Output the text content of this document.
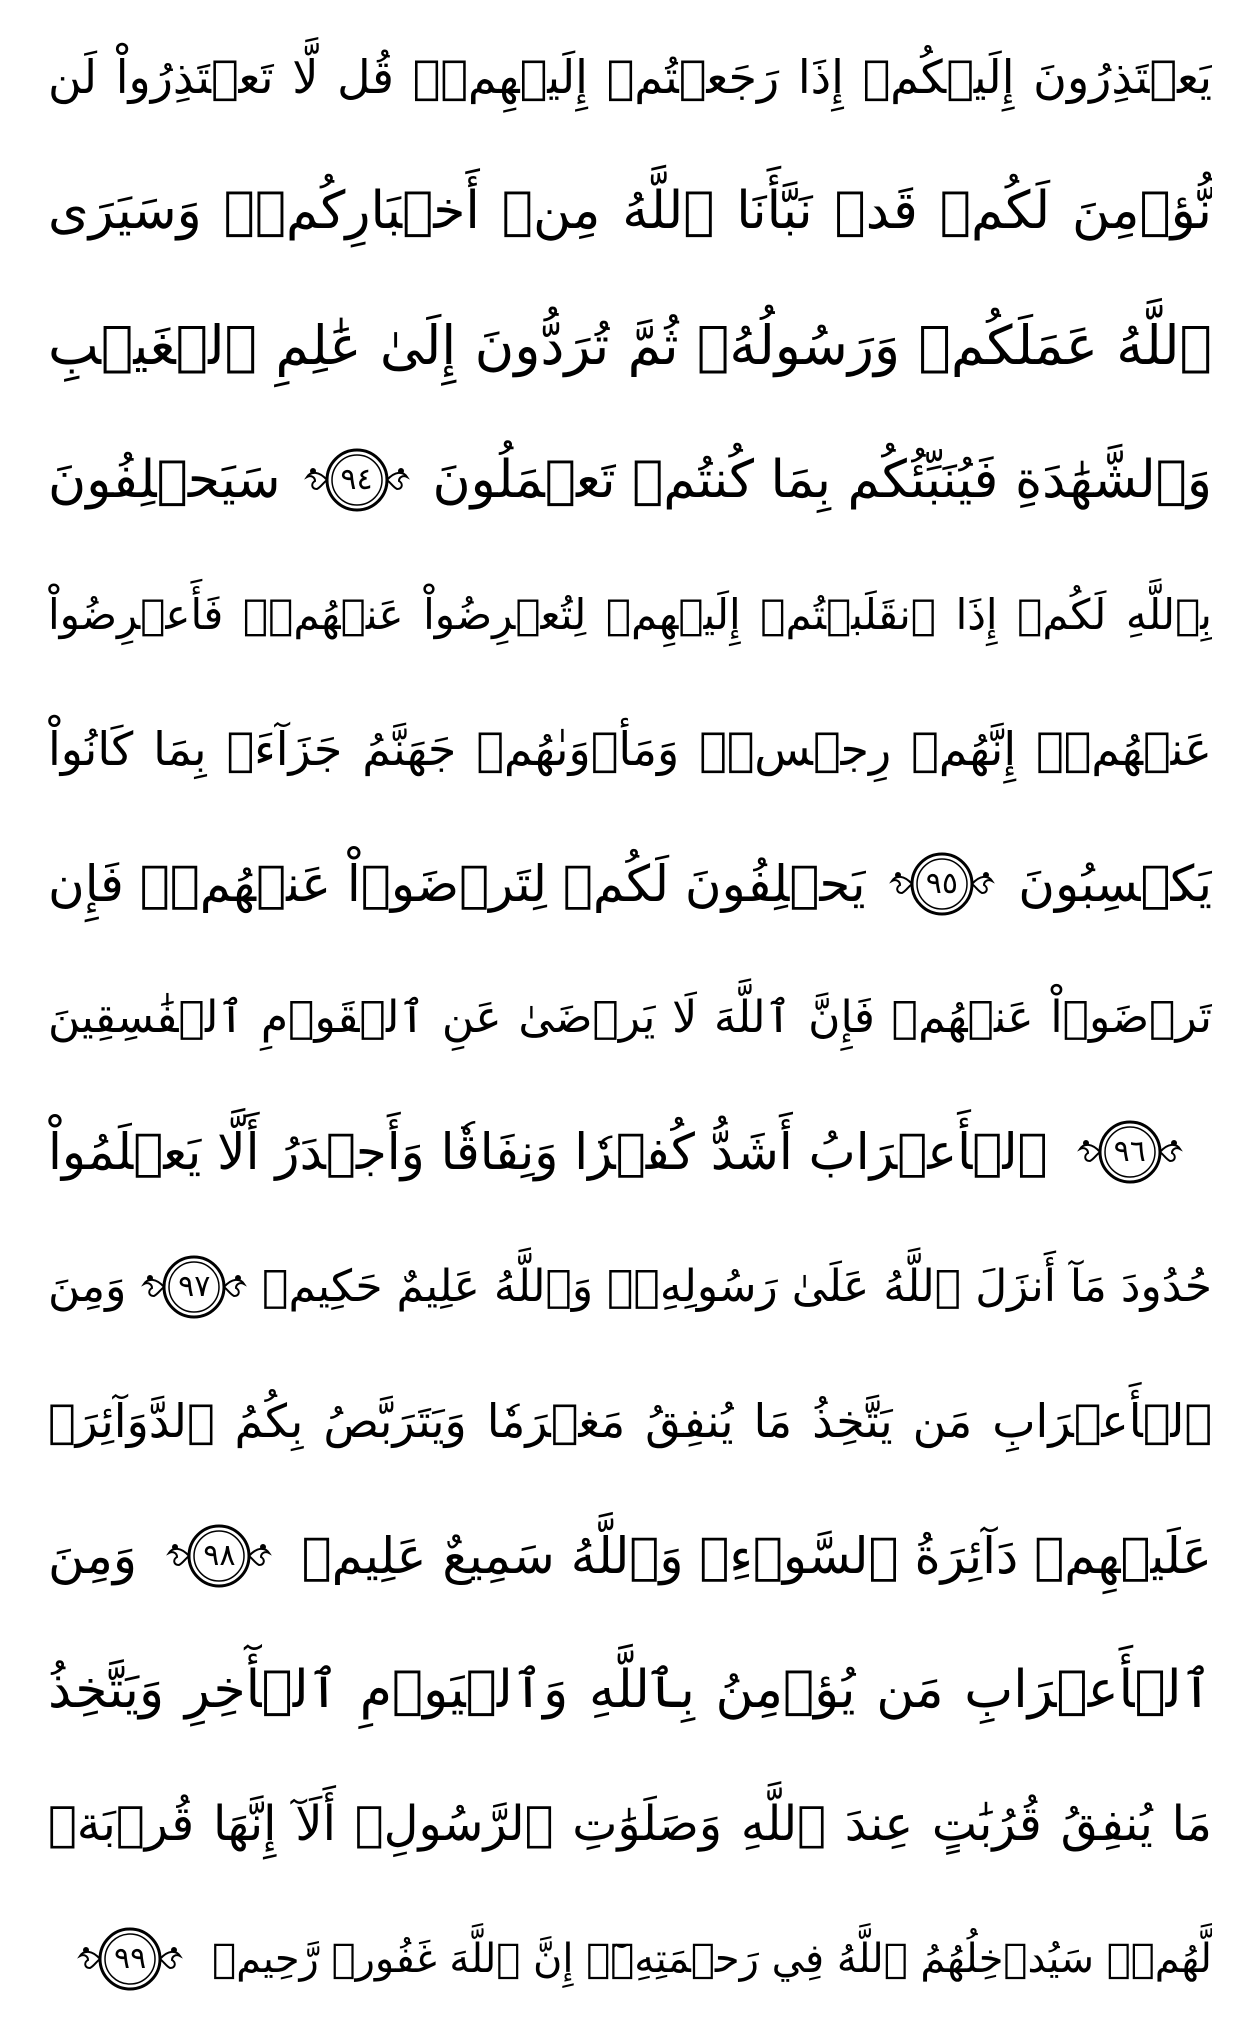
يَعۡتَذِرُونَ إِلَيۡكُمۡ إِذَا رَجَعۡتُمۡ إِلَيۡهِمۡۚ قُل لَّا تَعۡتَذِرُواْ لَن
نُّؤۡمِنَ لَكُمۡ قَدۡ نَبَّأَنَا ٱللَّهُ مِنۡ أَخۡبَارِكُمۡۚ وَسَيَرَى
ٱللَّهُ عَمَلَكُمۡ وَرَسُولُهُۥ ثُمَّ تُرَدُّونَ إِلَىٰ عَٰلِمِ ٱلۡغَيۡبِ
وَٱلشَّهَٰدَةِ فَيُنَبِّئُكُم بِمَا كُنتُمۡ تَعۡمَلُونَ
٩٤
سَيَحۡلِفُونَ
بِٱللَّهِ لَكُمۡ إِذَا ٱنقَلَبۡتُمۡ إِلَيۡهِمۡ لِتُعۡرِضُواْ عَنۡهُمۡۖ فَأَعۡرِضُواْ
عَنۡهُمۡۖ إِنَّهُمۡ رِجۡسٞۖ وَمَأۡوَىٰهُمۡ جَهَنَّمُ جَزَآءَۢ بِمَا كَانُواْ
يَكۡسِبُونَ
٩٥
يَحۡلِفُونَ لَكُمۡ لِتَرۡضَوۡاْ عَنۡهُمۡۖ فَإِن
تَرۡضَوۡاْ عَنۡهُمۡ فَإِنَّ ٱللَّهَ لَا يَرۡضَىٰ عَنِ ٱلۡقَوۡمِ ٱلۡفَٰسِقِينَ
٩٦
ٱلۡأَعۡرَابُ أَشَدُّ كُفۡرٗا وَنِفَاقٗا وَأَجۡدَرُ أَلَّا يَعۡلَمُواْ
حُدُودَ مَآ أَنزَلَ ٱللَّهُ عَلَىٰ رَسُولِهِۦۗ وَٱللَّهُ عَلِيمٌ حَكِيمٞ
٩٧
وَمِنَ
ٱلۡأَعۡرَابِ مَن يَتَّخِذُ مَا يُنفِقُ مَغۡرَمٗا وَيَتَرَبَّصُ بِكُمُ ٱلدَّوَآئِرَۚ
عَلَيۡهِمۡ دَآئِرَةُ ٱلسَّوۡءِۗ وَٱللَّهُ سَمِيعٌ عَلِيمٞ
٩٨
وَمِنَ
ٱلۡأَعۡرَابِ مَن يُؤۡمِنُ بِٱللَّهِ وَٱلۡيَوۡمِ ٱلۡأٓخِرِ وَيَتَّخِذُ
مَا يُنفِقُ قُرُبَٰتٍ عِندَ ٱللَّهِ وَصَلَوَٰتِ ٱلرَّسُولِۚ أَلَآ إِنَّهَا قُرۡبَةٞ
لَّهُمۡۚ سَيُدۡخِلُهُمُ ٱللَّهُ فِي رَحۡمَتِهِۦٓۚ إِنَّ ٱللَّهَ غَفُورٞ رَّحِيمٞ
٩٩
